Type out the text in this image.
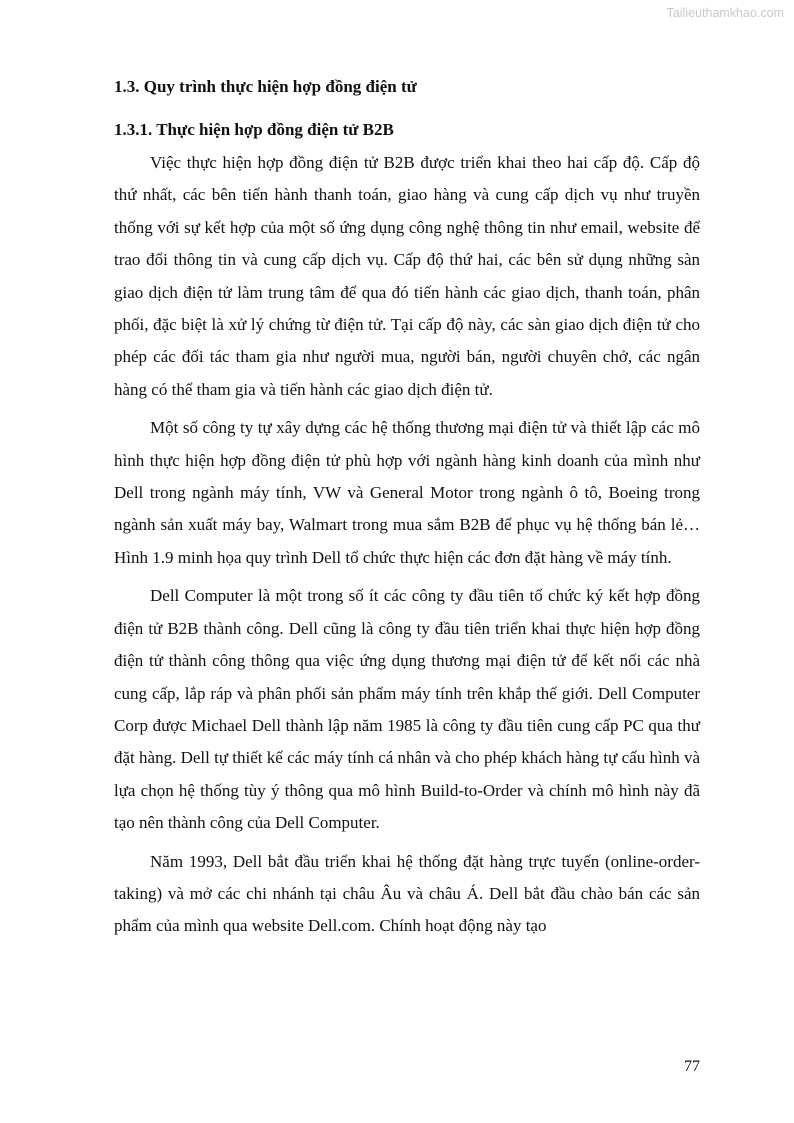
Tailieuthamkhao.com
1.3. Quy trình thực hiện hợp đồng điện tử
1.3.1. Thực hiện hợp đồng điện tử B2B

Việc thực hiện hợp đồng điện tử B2B được triển khai theo hai cấp độ. Cấp độ thứ nhất, các bên tiến hành thanh toán, giao hàng và cung cấp dịch vụ như truyền thống với sự kết hợp của một số ứng dụng công nghệ thông tin như email, website để trao đổi thông tin và cung cấp dịch vụ. Cấp độ thứ hai, các bên sử dụng những sàn giao dịch điện tử làm trung tâm để qua đó tiến hành các giao dịch, thanh toán, phân phối, đặc biệt là xử lý chứng từ điện tử. Tại cấp độ này, các sàn giao dịch điện tử cho phép các đối tác tham gia như người mua, người bán, người chuyên chở, các ngân hàng có thể tham gia và tiến hành các giao dịch điện tử.

Một số công ty tự xây dựng các hệ thống thương mại điện tử và thiết lập các mô hình thực hiện hợp đồng điện tử phù hợp với ngành hàng kinh doanh của mình như Dell trong ngành máy tính, VW và General Motor trong ngành ô tô, Boeing trong ngành sản xuất máy bay, Walmart trong mua sắm B2B để phục vụ hệ thống bán lẻ… Hình 1.9 minh họa quy trình Dell tổ chức thực hiện các đơn đặt hàng về máy tính.

Dell Computer là một trong số ít các công ty đầu tiên tổ chức ký kết hợp đồng điện tử B2B thành công. Dell cũng là công ty đầu tiên triển khai thực hiện hợp đồng điện tử thành công thông qua việc ứng dụng thương mại điện tử để kết nối các nhà cung cấp, lắp ráp và phân phối sản phẩm máy tính trên khắp thế giới. Dell Computer Corp được Michael Dell thành lập năm 1985 là công ty đầu tiên cung cấp PC qua thư đặt hàng. Dell tự thiết kế các máy tính cá nhân và cho phép khách hàng tự cấu hình và lựa chọn hệ thống tùy ý thông qua mô hình Build-to-Order và chính mô hình này đã tạo nên thành công của Dell Computer.

Năm 1993, Dell bắt đầu triển khai hệ thống đặt hàng trực tuyến (online-order-taking) và mở các chi nhánh tại châu Âu và châu Á. Dell bắt đầu chào bán các sản phẩm của mình qua website Dell.com. Chính hoạt động này tạo

77
